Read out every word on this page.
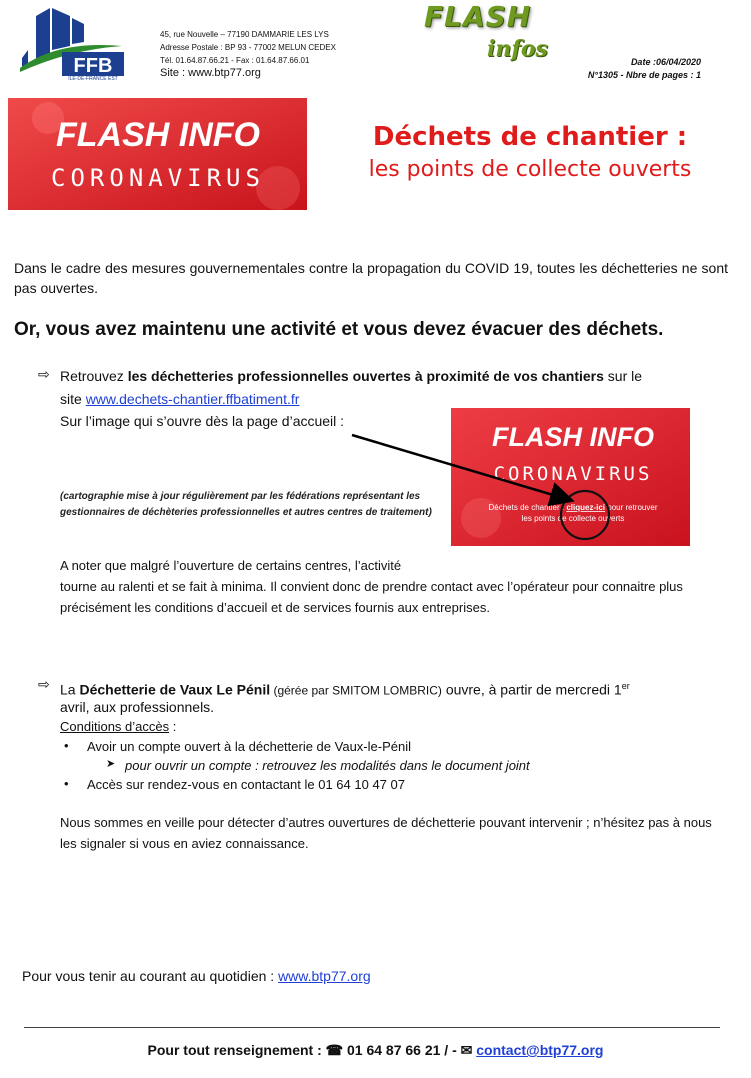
FFB
ILE-DE-FRANCE EST
45, rue Nouvelle – 77190 DAMMARIE LES LYS
Adresse Postale : BP 93 - 77002 MELUN CEDEX
Tél. 01.64.87.66.21 - Fax : 01.64.87.66.01
Site : www.btp77.org
FLASH
infos	Date :06/04/2020
N°1305 - Nbre de pages : 1
FLASH INFO
CORONAVIRUS
Déchets de chantier :
les points de collecte ouverts
Dans le cadre des mesures gouvernementales contre la propagation du COVID 19, toutes les déchetteries ne sont pas ouvertes.
Or, vous avez maintenu une activité et vous devez évacuer des déchets.
⇨ Retrouvez les déchetteries professionnelles ouvertes à proximité de vos chantiers sur le
site www.dechets-chantier.ffbatiment.fr
Sur l’image qui s’ouvre dès la page d’accueil :
(cartographie mise à jour régulièrement par les fédérations représentant les gestionnaires de déchèteries professionnelles et autres centres de traitement)
A noter que malgré l’ouverture de certains centres, l’activité
tourne au ralenti et se fait à minima. Il convient donc de prendre contact avec l’opérateur pour connaitre plus précisément les conditions d’accueil et de services fournis aux entreprises.
FLASH INFO
CORONAVIRUS
Déchets de chantier : cliquez-ici pour retrouver
les points de collecte ouverts
⇨ La Déchetterie de Vaux Le Pénil (gérée par SMITOM LOMBRIC) ouvre, à partir de mercredi 1er
avril, aux professionnels.
Conditions d’accès :
• Avoir un compte ouvert à la déchetterie de Vaux-le-Pénil
➤ pour ouvrir un compte : retrouvez les modalités dans le document joint
• Accès sur rendez-vous en contactant le 01 64 10 47 07
Nous sommes en veille pour détecter d’autres ouvertures de déchetterie pouvant intervenir ; n’hésitez pas à nous les signaler si vous en aviez connaissance.
Pour vous tenir au courant au quotidien : www.btp77.org
Pour tout renseignement : ☎ 01 64 87 66 21 / - ✉ contact@btp77.org
